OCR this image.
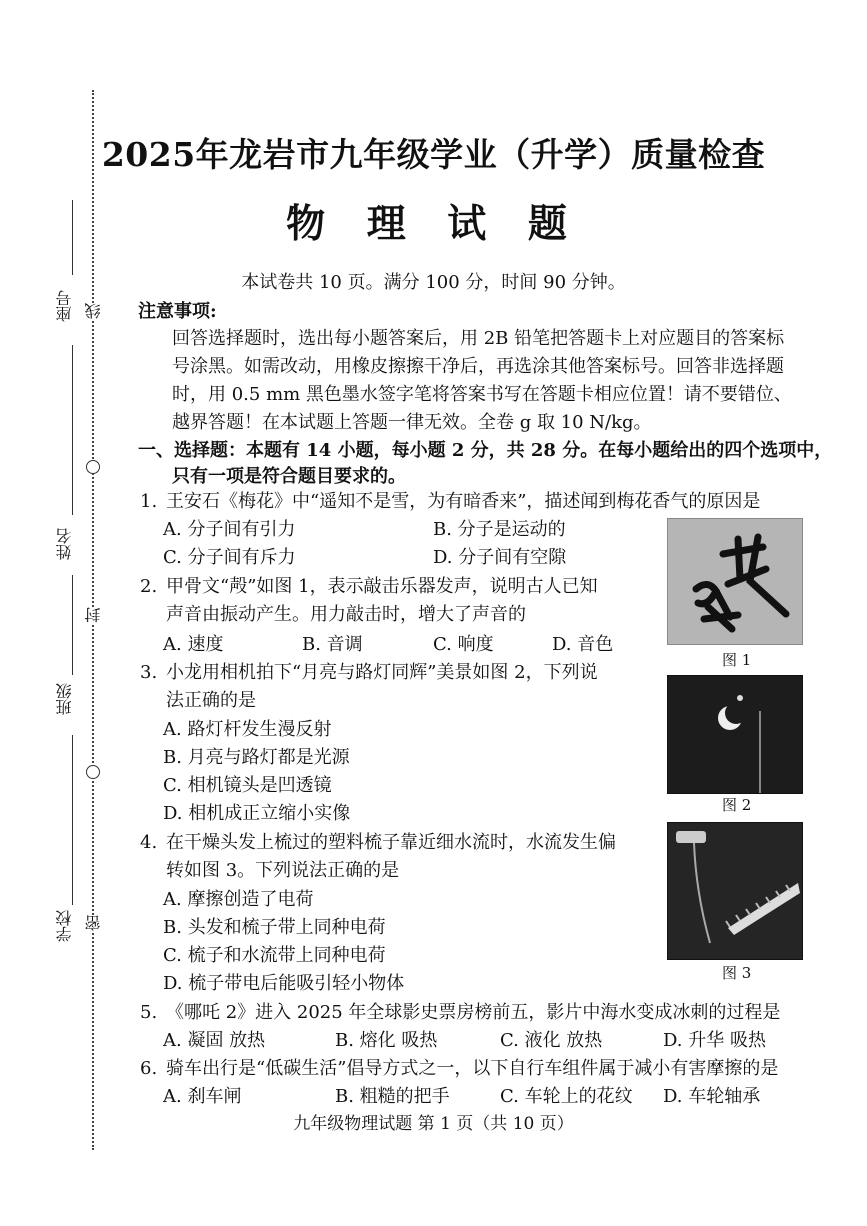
座号
姓名
班级
学校
线
封
密
2025年龙岩市九年级学业（升学）质量检查
物 理 试 题
本试卷共 10 页。满分 100 分，时间 90 分钟。
注意事项:
回答选择题时，选出每小题答案后，用 2B 铅笔把答题卡上对应题目的答案标
号涂黑。如需改动，用橡皮擦擦干净后，再选涂其他答案标号。回答非选择题
时，用 0.5 mm 黑色墨水签字笔将答案书写在答题卡相应位置！请不要错位、
越界答题！在本试题上答题一律无效。全卷 g 取 10 N/kg。
一、选择题：本题有 14 小题，每小题 2 分，共 28 分。在每小题给出的四个选项中，
只有一项是符合题目要求的。
1. 王安石《梅花》中“遥知不是雪，为有暗香来”，描述闻到梅花香气的原因是
A. 分子间有引力	B. 分子是运动的
C. 分子间有斥力	D. 分子间有空隙
2. 甲骨文“殸”如图 1，表示敲击乐器发声，说明古人已知
声音由振动产生。用力敲击时，增大了声音的
A. 速度	B. 音调	C. 响度	D. 音色
图 1
3. 小龙用相机拍下“月亮与路灯同辉”美景如图 2，下列说
法正确的是
A. 路灯杆发生漫反射
B. 月亮与路灯都是光源
C. 相机镜头是凹透镜
D. 相机成正立缩小实像	图 2
4. 在干燥头发上梳过的塑料梳子靠近细水流时，水流发生偏
转如图 3。下列说法正确的是
A. 摩擦创造了电荷
B. 头发和梳子带上同种电荷
C. 梳子和水流带上同种电荷
D. 梳子带电后能吸引轻小物体	图 3
5. 《哪吒 2》进入 2025 年全球影史票房榜前五，影片中海水变成冰刺的过程是
A. 凝固 放热	B. 熔化 吸热	C. 液化 放热	D. 升华 吸热
6. 骑车出行是“低碳生活”倡导方式之一，以下自行车组件属于减小有害摩擦的是
A. 刹车闸	B. 粗糙的把手	C. 车轮上的花纹 D. 车轮轴承
九年级物理试题 第 1 页（共 10 页）
